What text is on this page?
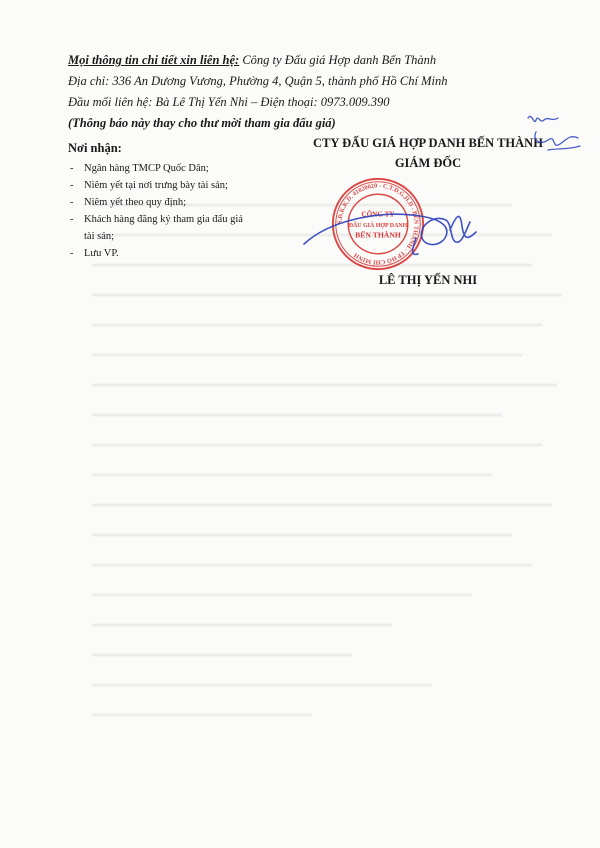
Mọi thông tin chi tiết xin liên hệ: Công ty Đấu giá Hợp danh Bến Thành
Địa chỉ: 336 An Dương Vương, Phường 4, Quận 5, thành phố Hồ Chí Minh
Đầu mối liên hệ: Bà Lê Thị Yến Nhi – Điện thoại: 0973.009.390
(Thông báo này thay cho thư mời tham gia đấu giá)
Nơi nhận:
- Ngân hàng TMCP Quốc Dân;
- Niêm yết tại nơi trưng bày tài sản;
- Niêm yết theo quy định;
- Khách hàng đăng ký tham gia đấu giá tài sản;
- Lưu VP.
CTY ĐẤU GIÁ HỢP DANH BẾN THÀNH
GIÁM ĐỐC
S.Đ.K.K.D. 41020020 - C.T.Đ.G.H.D - BẾN THÀNH - TP HỒ CHÍ MINH
CÔNG TY
ĐẤU GIÁ HỢP DANH
BẾN THÀNH
LÊ THỊ YẾN NHI
